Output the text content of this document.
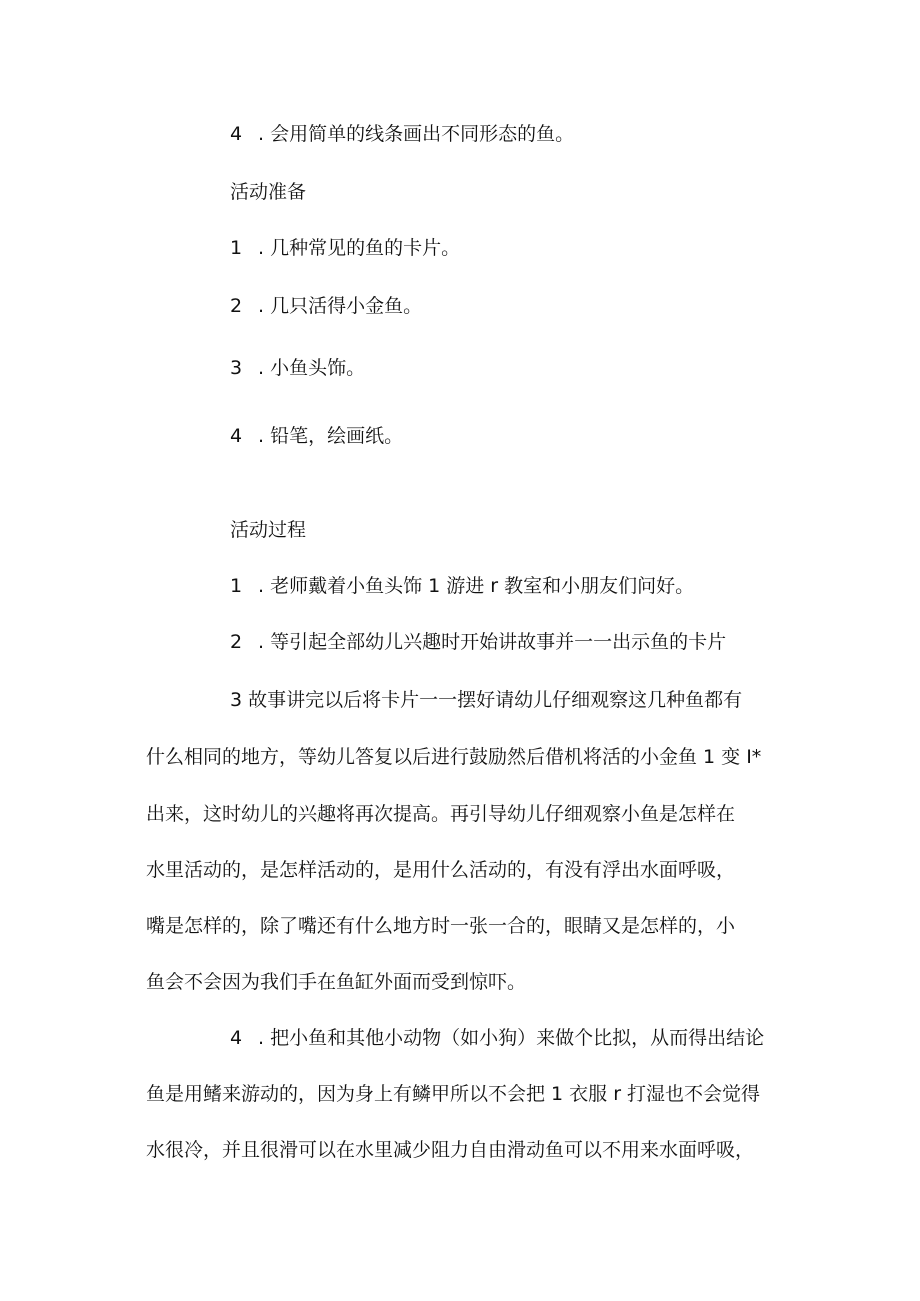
4 . 会用简单的线条画出不同形态的鱼。

活动准备

1 . 几种常见的鱼的卡片。

2 . 几只活得小金鱼。

3 . 小鱼头饰。

4 . 铅笔，绘画纸。

活动过程

1 . 老师戴着小鱼头饰 1 游进 r 教室和小朋友们问好。

2 . 等引起全部幼儿兴趣时开始讲故事并一一出示鱼的卡片

3 故事讲完以后将卡片一一摆好请幼儿仔细观察这几种鱼都有

什么相同的地方，等幼儿答复以后进行鼓励然后借机将活的小金鱼 1 变 I*

出来，这时幼儿的兴趣将再次提高。再引导幼儿仔细观察小鱼是怎样在

水里活动的，是怎样活动的，是用什么活动的，有没有浮出水面呼吸，

嘴是怎样的，除了嘴还有什么地方时一张一合的，眼睛又是怎样的，小

鱼会不会因为我们手在鱼缸外面而受到惊吓。

4 . 把小鱼和其他小动物（如小狗）来做个比拟，从而得出结论

鱼是用鳍来游动的，因为身上有鳞甲所以不会把 1 衣服 r 打湿也不会觉得

水很冷，并且很滑可以在水里减少阻力自由滑动鱼可以不用来水面呼吸，
